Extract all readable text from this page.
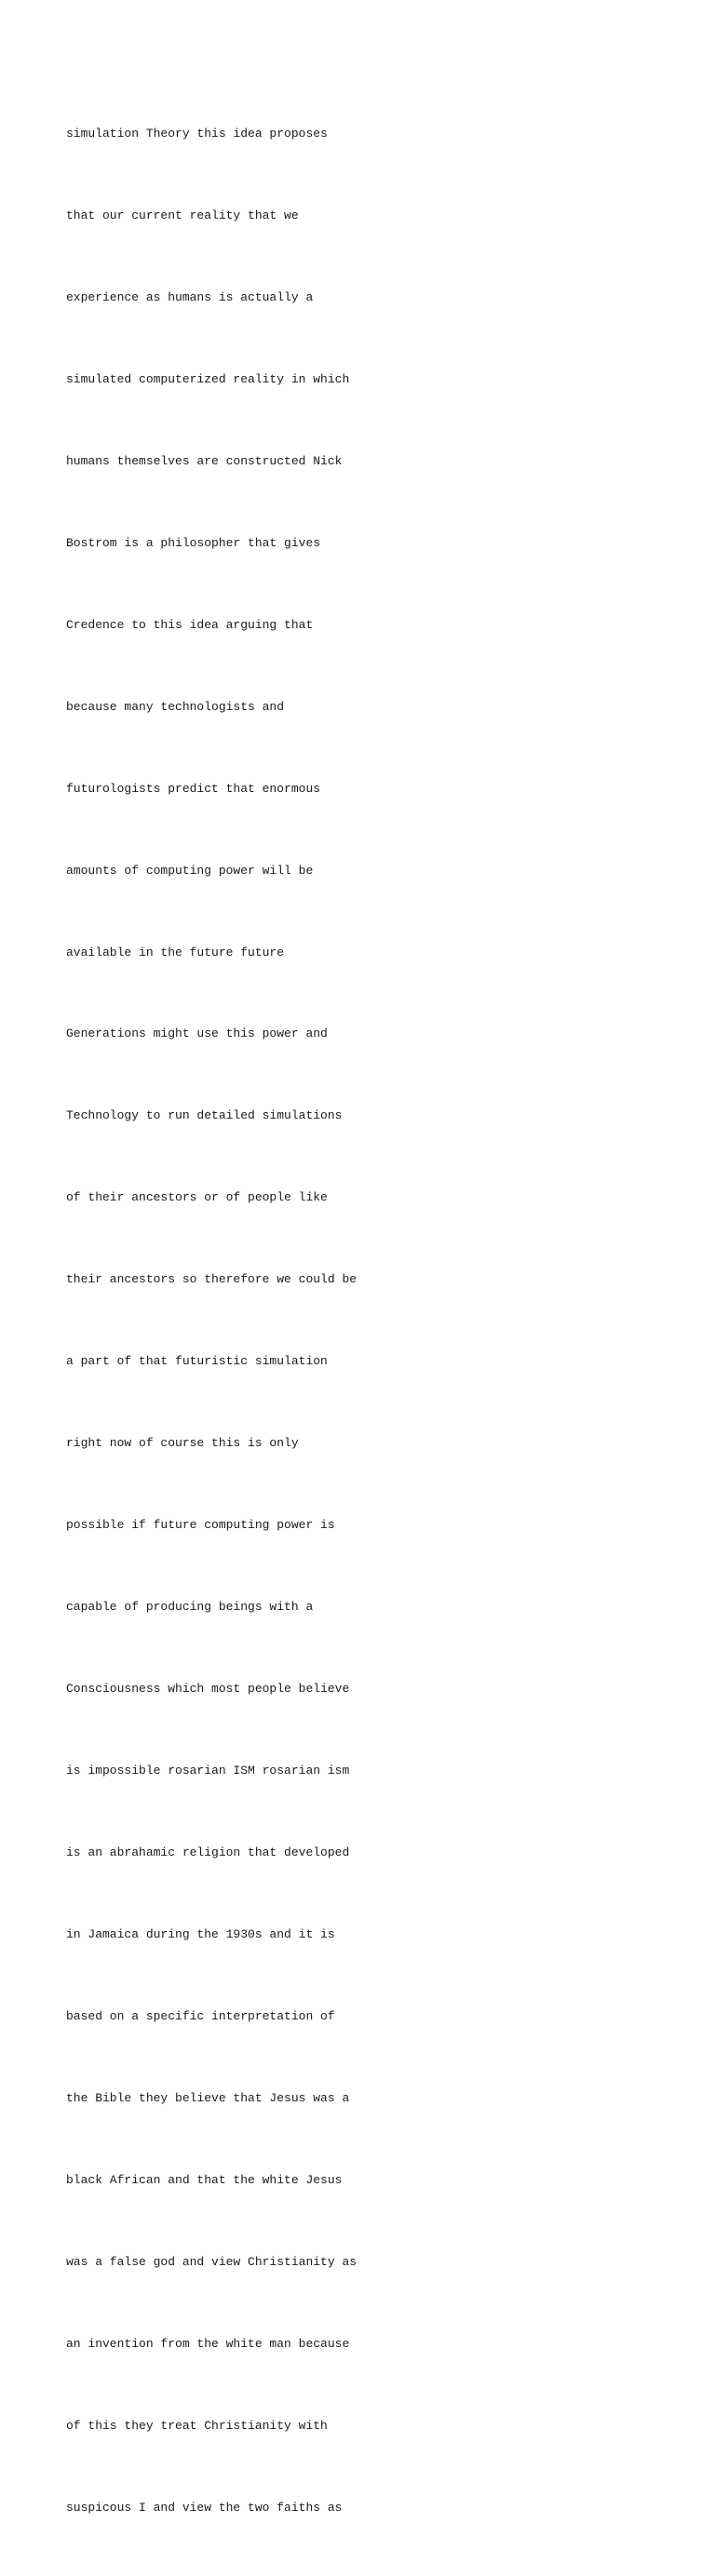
simulation Theory this idea proposes

that our current reality that we

experience as humans is actually a

simulated computerized reality in which

humans themselves are constructed Nick

Bostrom is a philosopher that gives

Credence to this idea arguing that

because many technologists and

futurologists predict that enormous

amounts of computing power will be

available in the future future

Generations might use this power and

Technology to run detailed simulations

of their ancestors or of people like

their ancestors so therefore we could be

a part of that futuristic simulation

right now of course this is only

possible if future computing power is

capable of producing beings with a

Consciousness which most people believe

is impossible rosarian ISM rosarian ism

is an abrahamic religion that developed

in Jamaica during the 1930s and it is

based on a specific interpretation of

the Bible they believe that Jesus was a

black African and that the white Jesus

was a false god and view Christianity as

an invention from the white man because

of this they treat Christianity with

suspicous I and view the two faiths as
